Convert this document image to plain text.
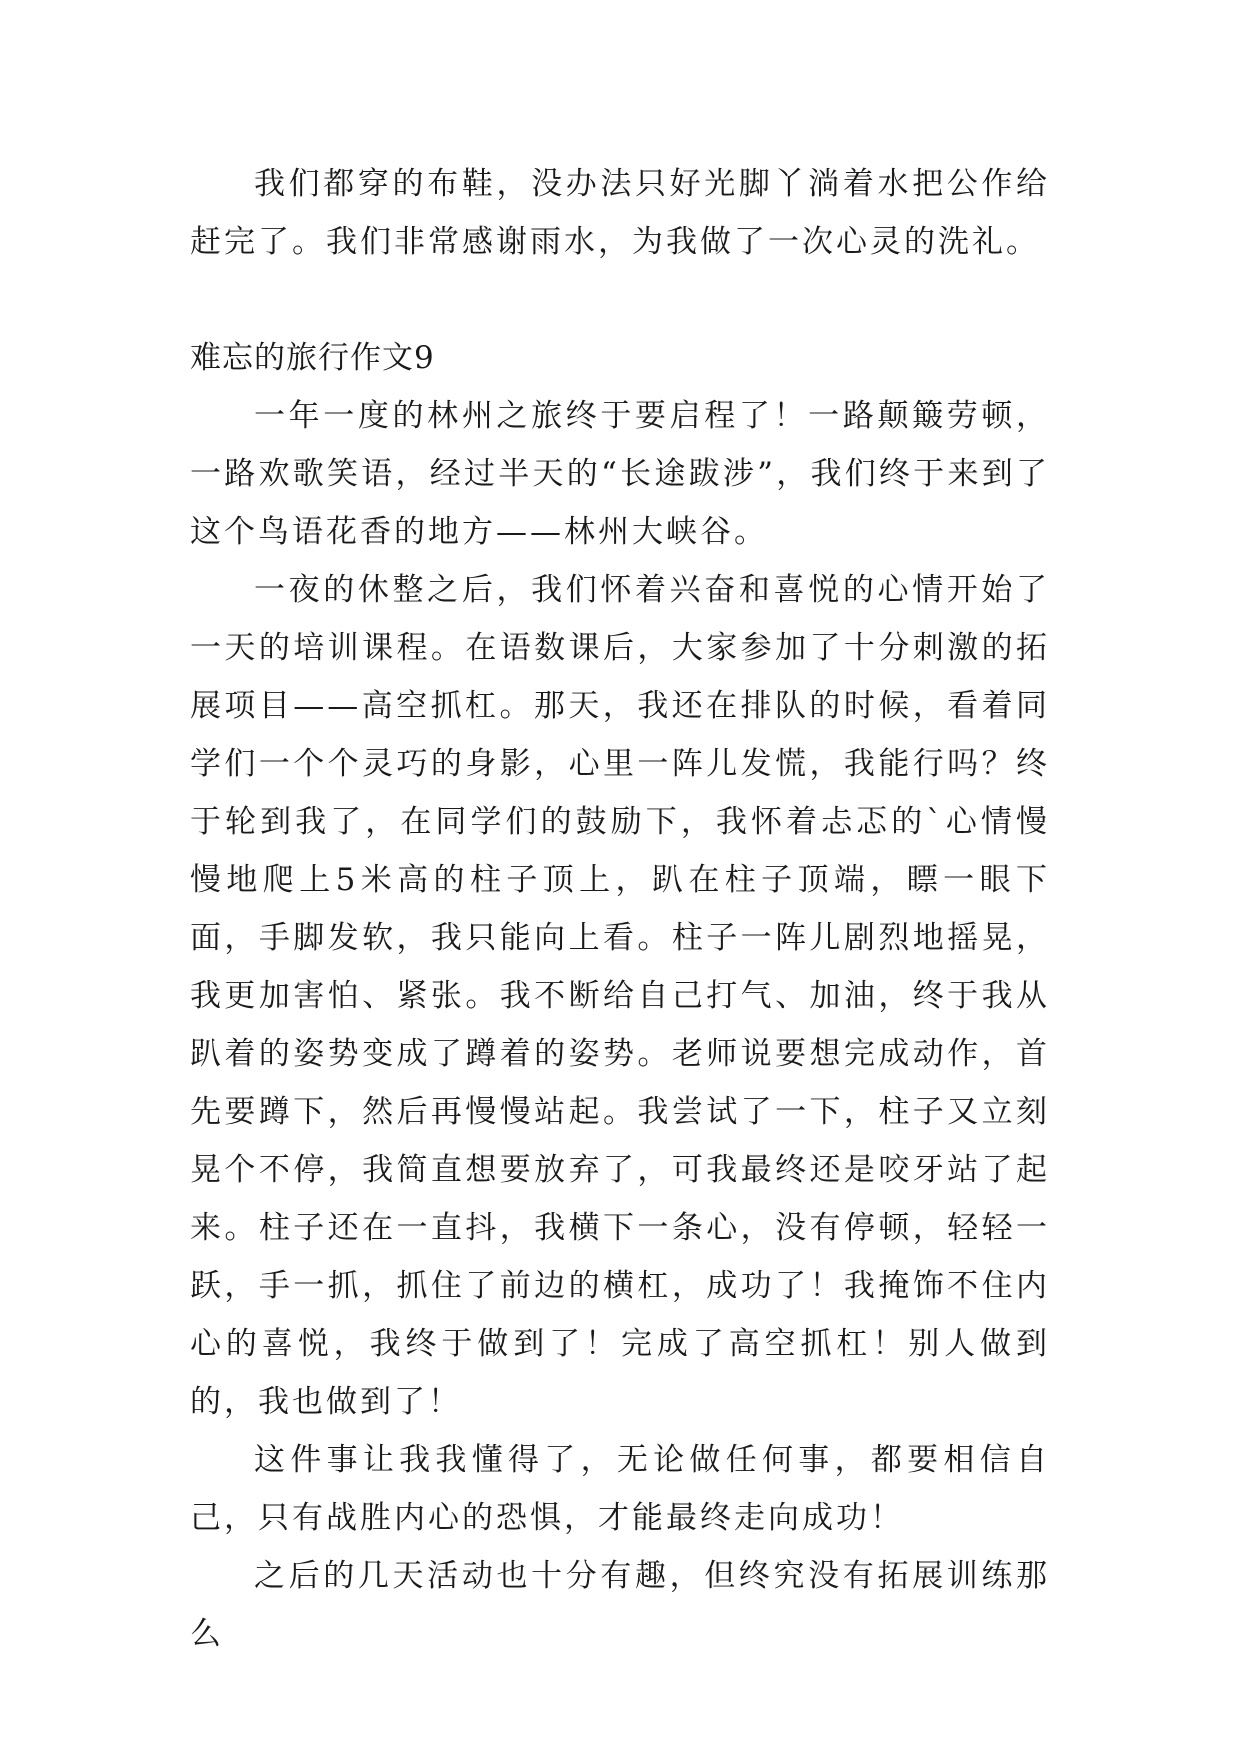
我们都穿的布鞋，没办法只好光脚丫淌着水把公作给赶完了。我们非常感谢雨水，为我做了一次心灵的洗礼。

难忘的旅行作文9

一年一度的林州之旅终于要启程了！一路颠簸劳顿，一路欢歌笑语，经过半天的“长途跋涉”，我们终于来到了这个鸟语花香的地方——林州大峡谷。

一夜的休整之后，我们怀着兴奋和喜悦的心情开始了一天的培训课程。在语数课后，大家参加了十分刺激的拓展项目——高空抓杠。那天，我还在排队的时候，看着同学们一个个灵巧的身影，心里一阵儿发慌，我能行吗？终于轮到我了，在同学们的鼓励下，我怀着忐忑的`心情慢慢地爬上5米高的柱子顶上，趴在柱子顶端，瞟一眼下面，手脚发软，我只能向上看。柱子一阵儿剧烈地摇晃，我更加害怕、紧张。我不断给自己打气、加油，终于我从趴着的姿势变成了蹲着的姿势。老师说要想完成动作，首先要蹲下，然后再慢慢站起。我尝试了一下，柱子又立刻晃个不停，我简直想要放弃了，可我最终还是咬牙站了起来。柱子还在一直抖，我横下一条心，没有停顿，轻轻一跃，手一抓，抓住了前边的横杠，成功了！我掩饰不住内心的喜悦，我终于做到了！完成了高空抓杠！别人做到的，我也做到了！

这件事让我我懂得了，无论做任何事，都要相信自己，只有战胜内心的恐惧，才能最终走向成功！

之后的几天活动也十分有趣，但终究没有拓展训练那么
